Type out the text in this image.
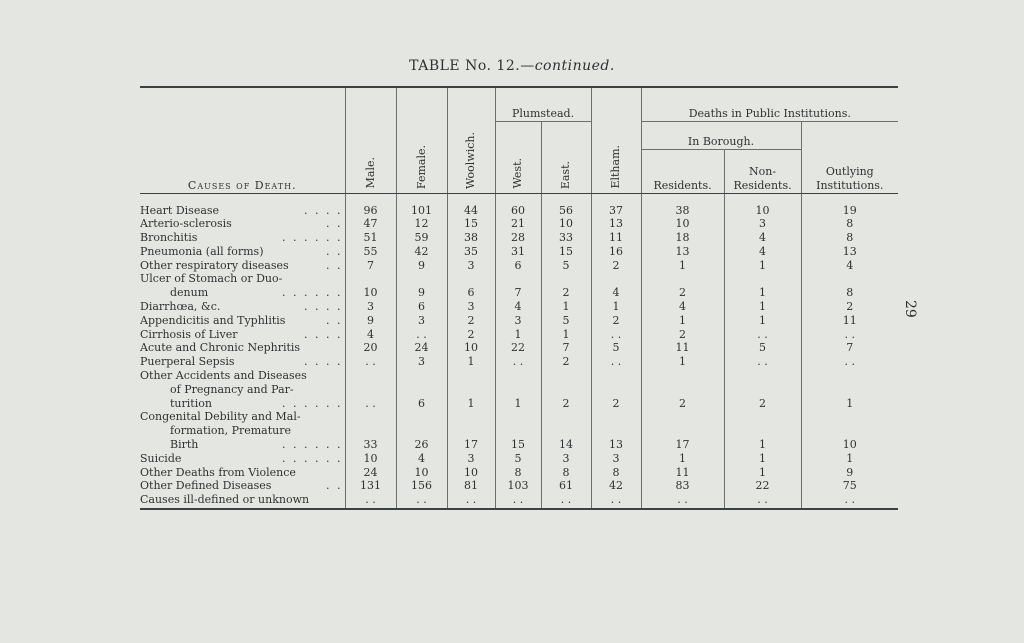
TABLE No. 12.—continued.
29
Causes of Death.	Male.	Female.	Woolwich.	Plumstead.		Eltham.	Deaths in Public Institutions.		
				West.	East.		In Borough.		Outlying
Institutions.
							Residents.	Non-
Residents.	

Heart Disease . . . .	96	101	44	60	56	37	38	10	19

Arterio-sclerosis . .	47	12	15	21	10	13	10	3	8

Bronchitis . . . . . .	51	59	38	28	33	11	18	4	8

Pneumonia (all forms) . .	55	42	35	31	15	16	13	4	13

Other respiratory diseases . .	7	9	3	6	5	2	1	1	4

Ulcer of Stomach or Duo-
denum . . . . . .	10	9	6	7	2	4	2	1	8

Diarrhœa, &c. . . . .	3	6	3	4	1	1	4	1	2

Appendicitis and Typhlitis . .	9	3	2	3	5	2	1	1	11

Cirrhosis of Liver . . . .	4	. .	2	1	1	. .	2	. .	. .

Acute and Chronic Nephritis	20	24	10	22	7	5	11	5	7

Puerperal Sepsis . . . .	. .	3	1	. .	2	. .	1	. .	. .

Other Accidents and Diseases
of Pregnancy and Par-
turition . . . . . .	. .	6	1	1	2	2	2	2	1

Congenital Debility and Mal-
formation, Premature
Birth . . . . . .	33	26	17	15	14	13	17	1	10

Suicide . . . . . .	10	4	3	5	3	3	1	1	1

Other Deaths from Violence	24	10	10	8	8	8	11	1	9

Other Defined Diseases . .	131	156	81	103	61	42	83	22	75

Causes ill-defined or unknown	. .	. .	. .	. .	. .	. .	. .	. .	. .
